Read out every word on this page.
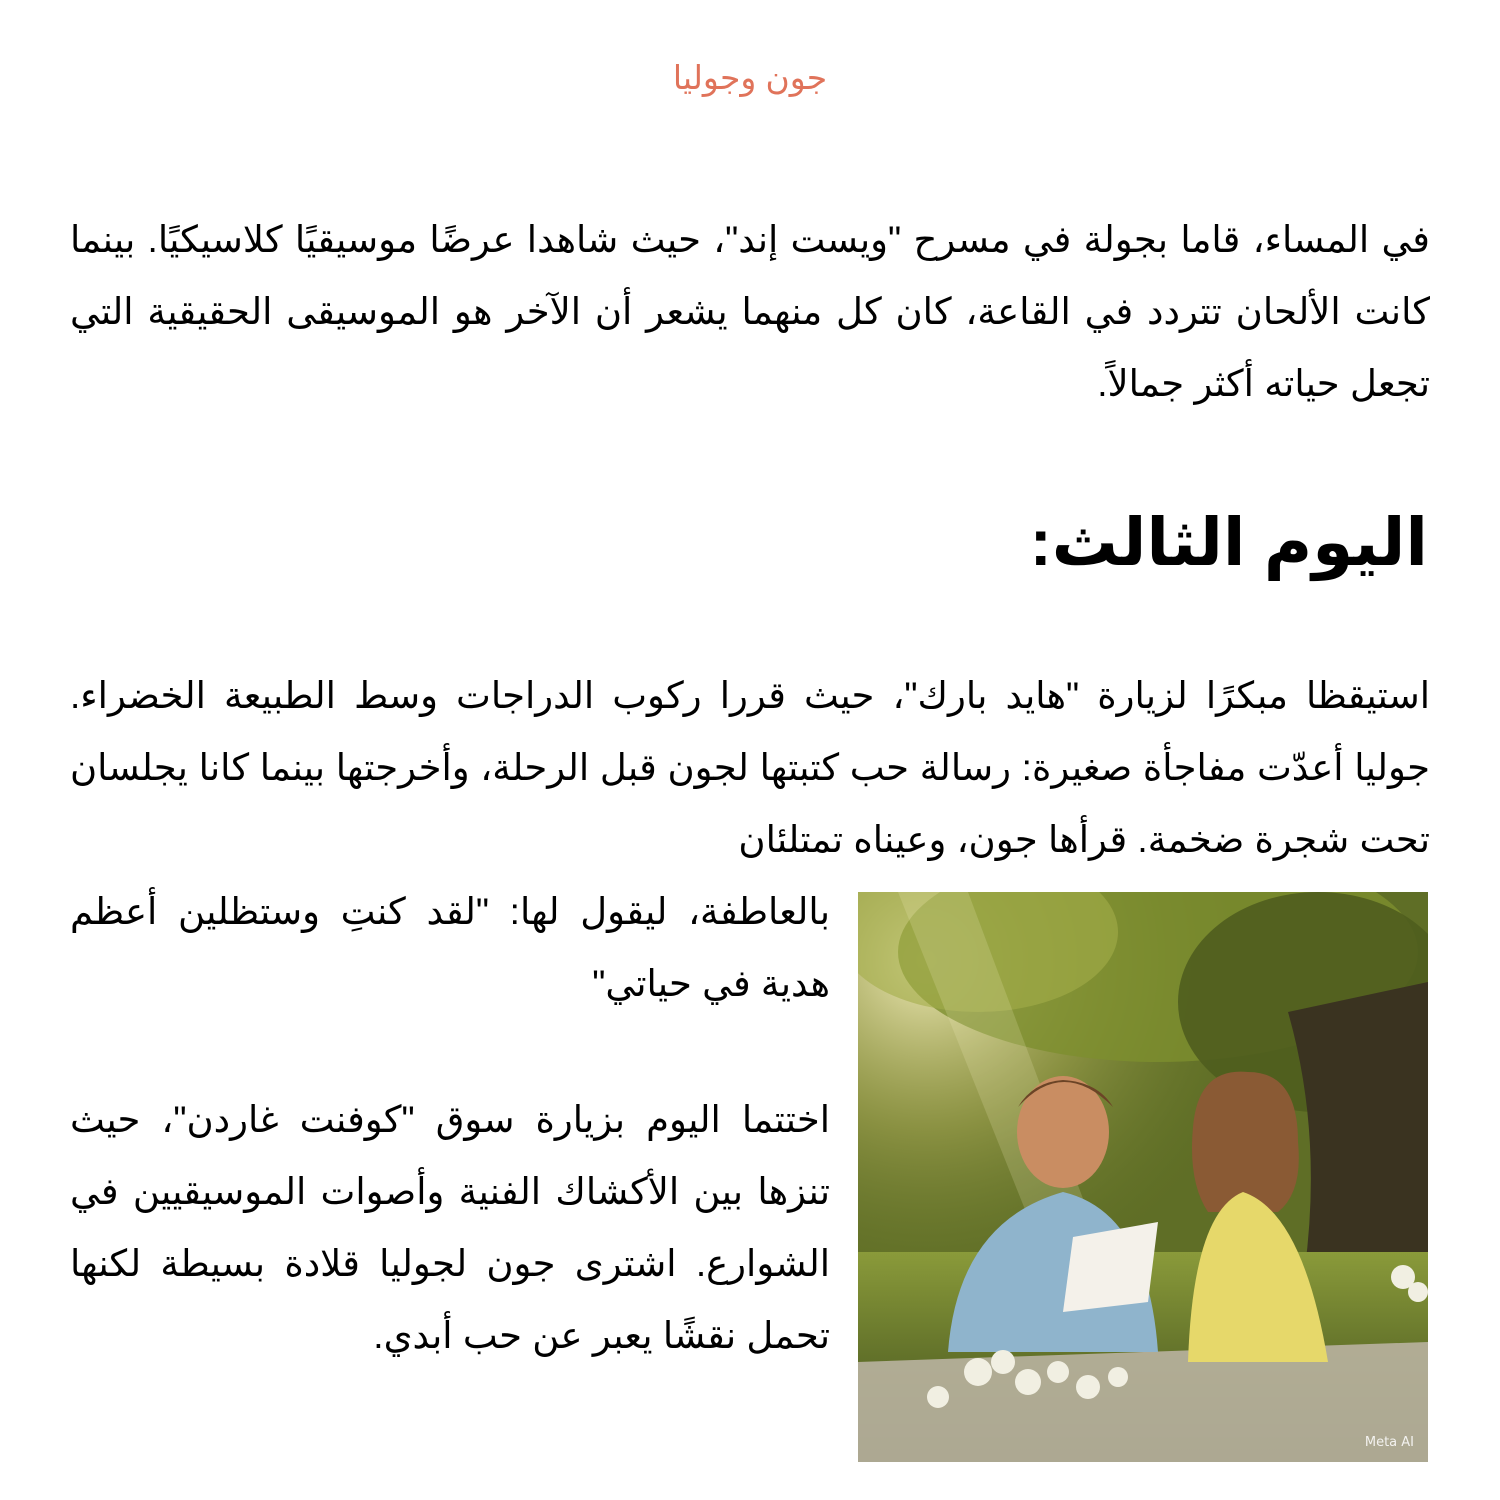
جون وجوليا

في المساء، قاما بجولة في مسرح "ويست إند"، حيث شاهدا عرضًا موسيقيًا كلاسيكيًا. بينما كانت الألحان تتردد في القاعة، كان كل منهما يشعر أن الآخر هو الموسيقى الحقيقية التي تجعل حياته أكثر جمالاً.

اليوم الثالث:

استيقظا مبكرًا لزيارة "هايد بارك"، حيث قررا ركوب الدراجات وسط الطبيعة الخضراء. جوليا أعدّت مفاجأة صغيرة: رسالة حب كتبتها لجون قبل الرحلة، وأخرجتها بينما كانا يجلسان تحت شجرة ضخمة. قرأها جون، وعيناه تمتلئان

بالعاطفة، ليقول لها: "لقد كنتِ وستظلين أعظم هدية في حياتي"

اختتما اليوم بزيارة سوق "كوفنت غاردن"، حيث تنزها بين الأكشاك الفنية وأصوات الموسيقيين في الشوارع. اشترى جون لجوليا قلادة بسيطة لكنها تحمل نقشًا يعبر عن حب أبدي.

Meta AI
